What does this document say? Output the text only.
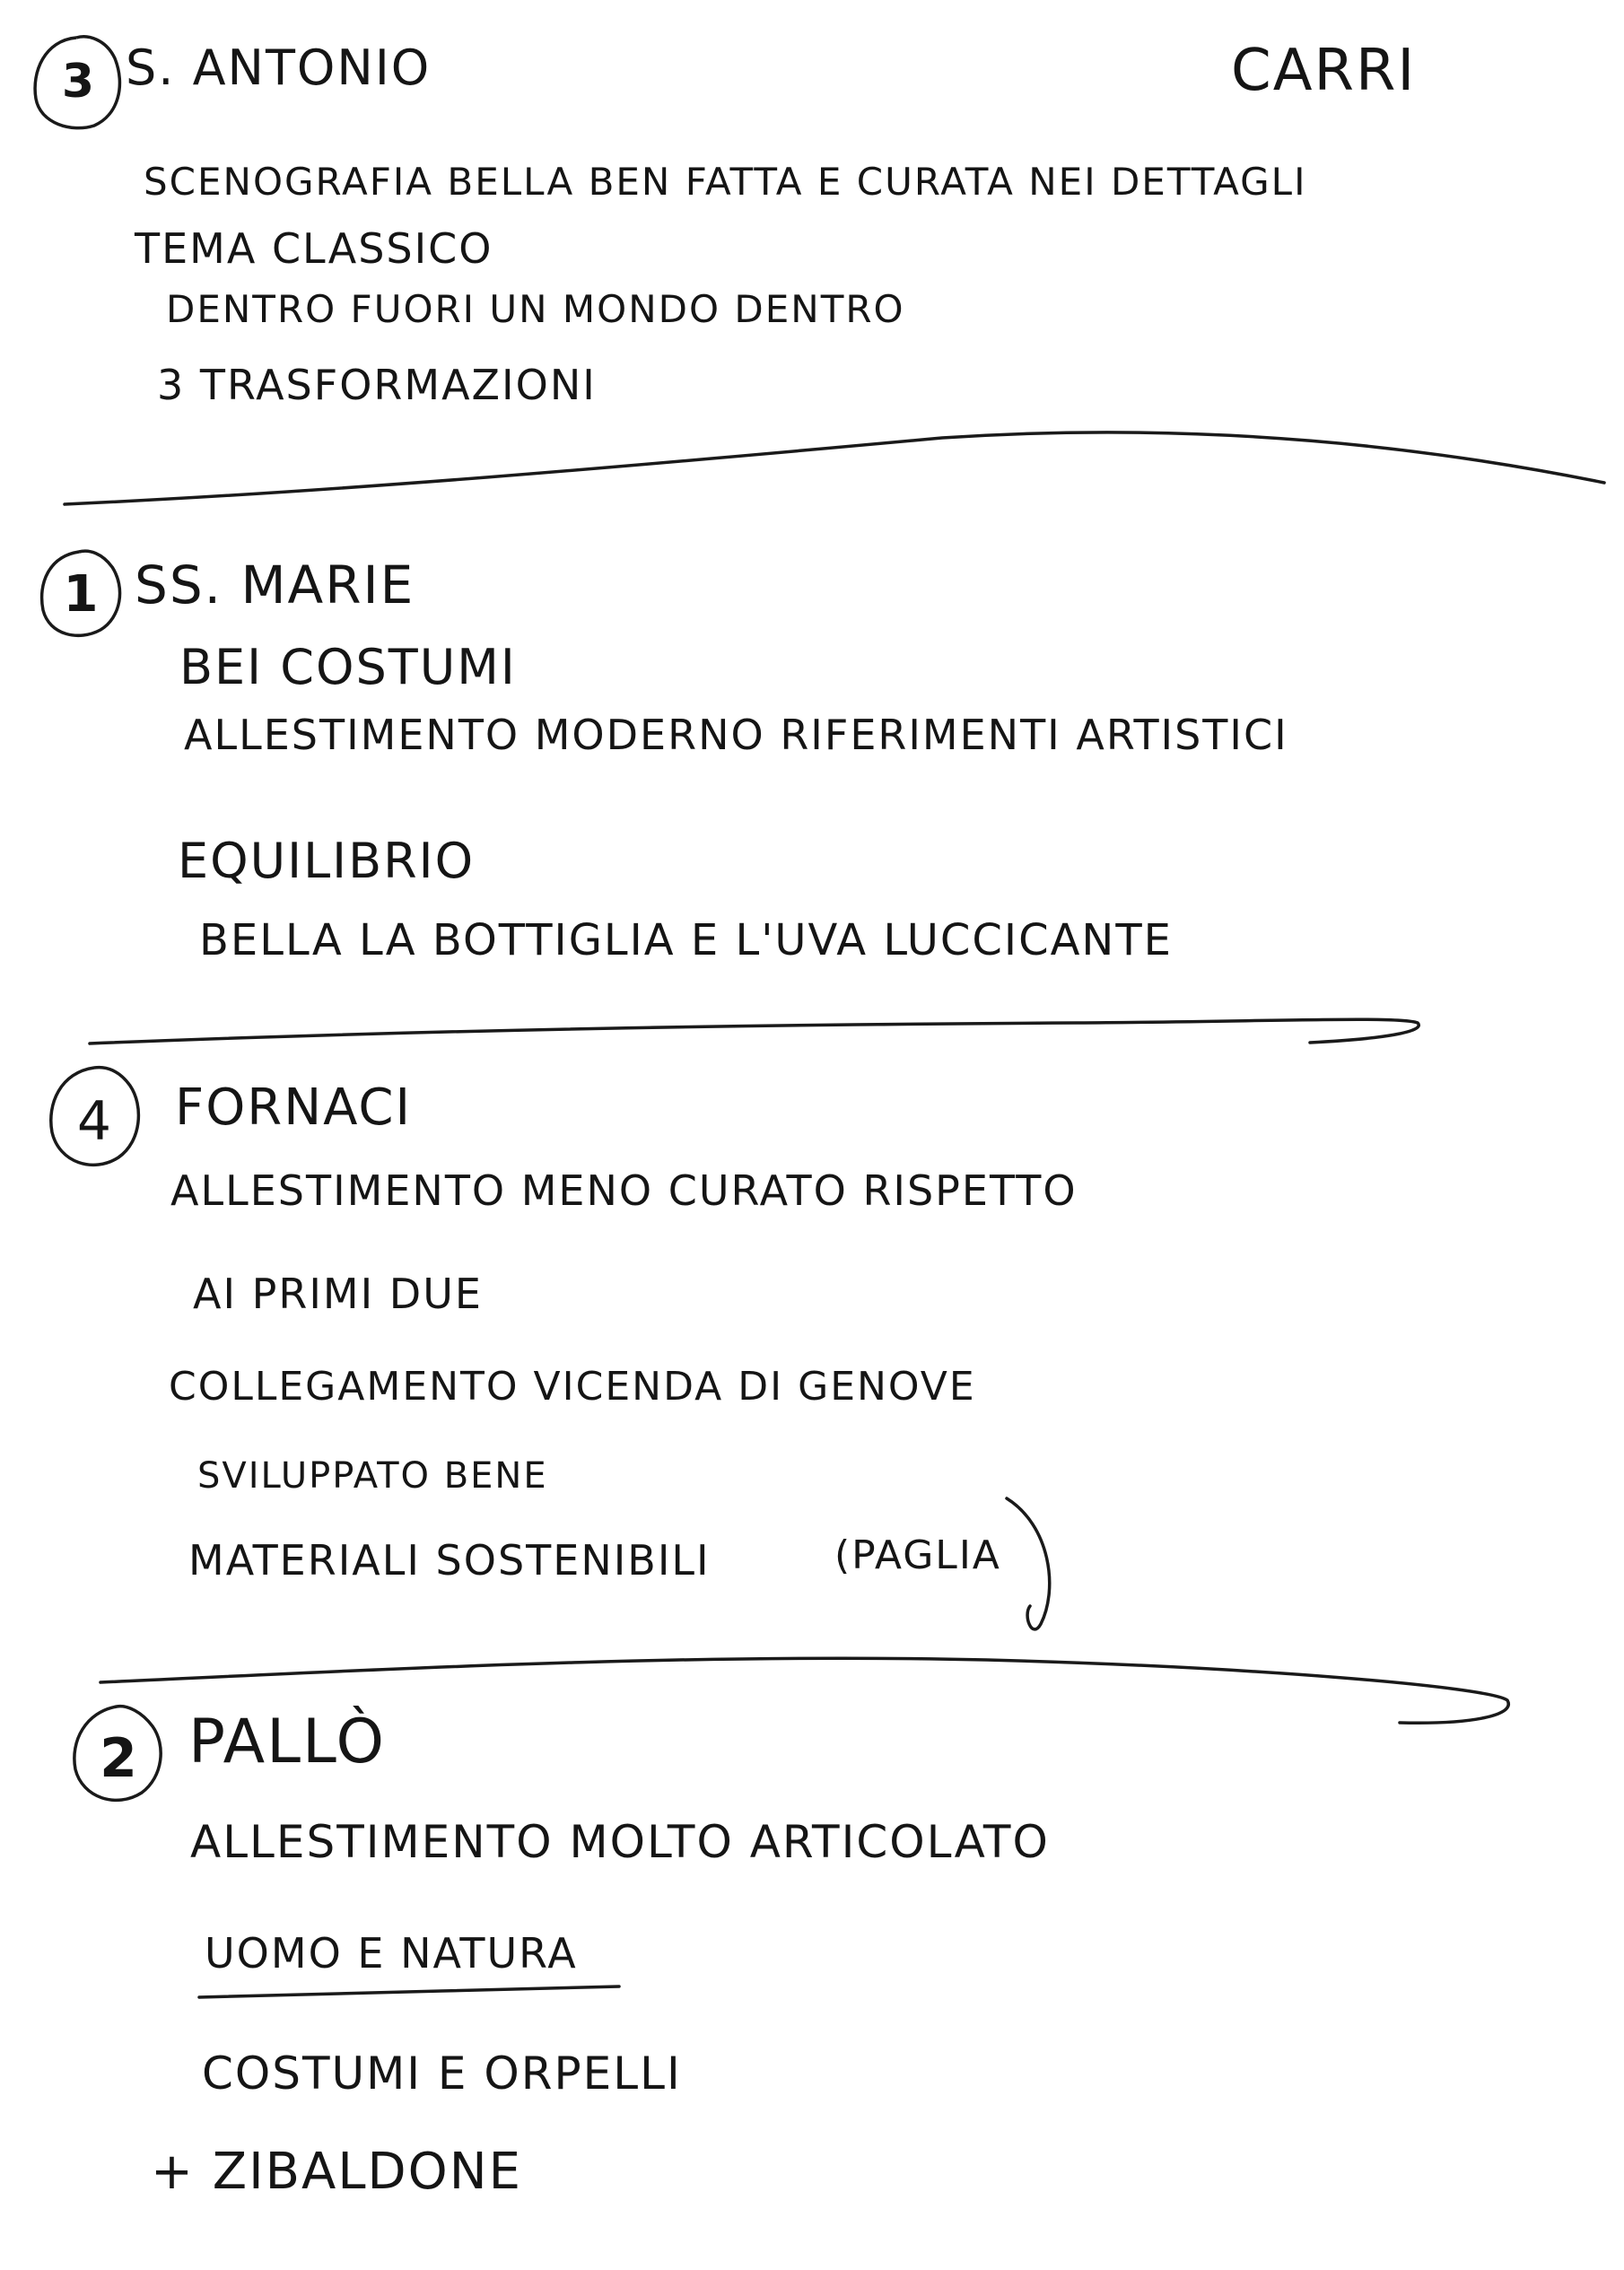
CARRI
3 S. ANTONIO
SCENOGRAFIA BELLA BEN FATTA E CURATA NEI DETTAGLI
TEMA CLASSICO
DENTRO FUORI UN MONDO DENTRO
3 TRASFORMAZIONI
1 SS. MARIE
BEI COSTUMI
ALLESTIMENTO MODERNO RIFERIMENTI ARTISTICI
EQUILIBRIO
BELLA LA BOTTIGLIA E L'UVA LUCCICANTE
4	FORNACI
ALLESTIMENTO MENO CURATO RISPETTO
AI PRIMI DUE
COLLEGAMENTO VICENDA DI GENOVE
SVILUPPATO BENE
MATERIALI SOSTENIBILI	(PAGLIA
2 PALLÒ
ALLESTIMENTO MOLTO ARTICOLATO
UOMO E NATURA
COSTUMI E ORPELLI
+ ZIBALDONE
